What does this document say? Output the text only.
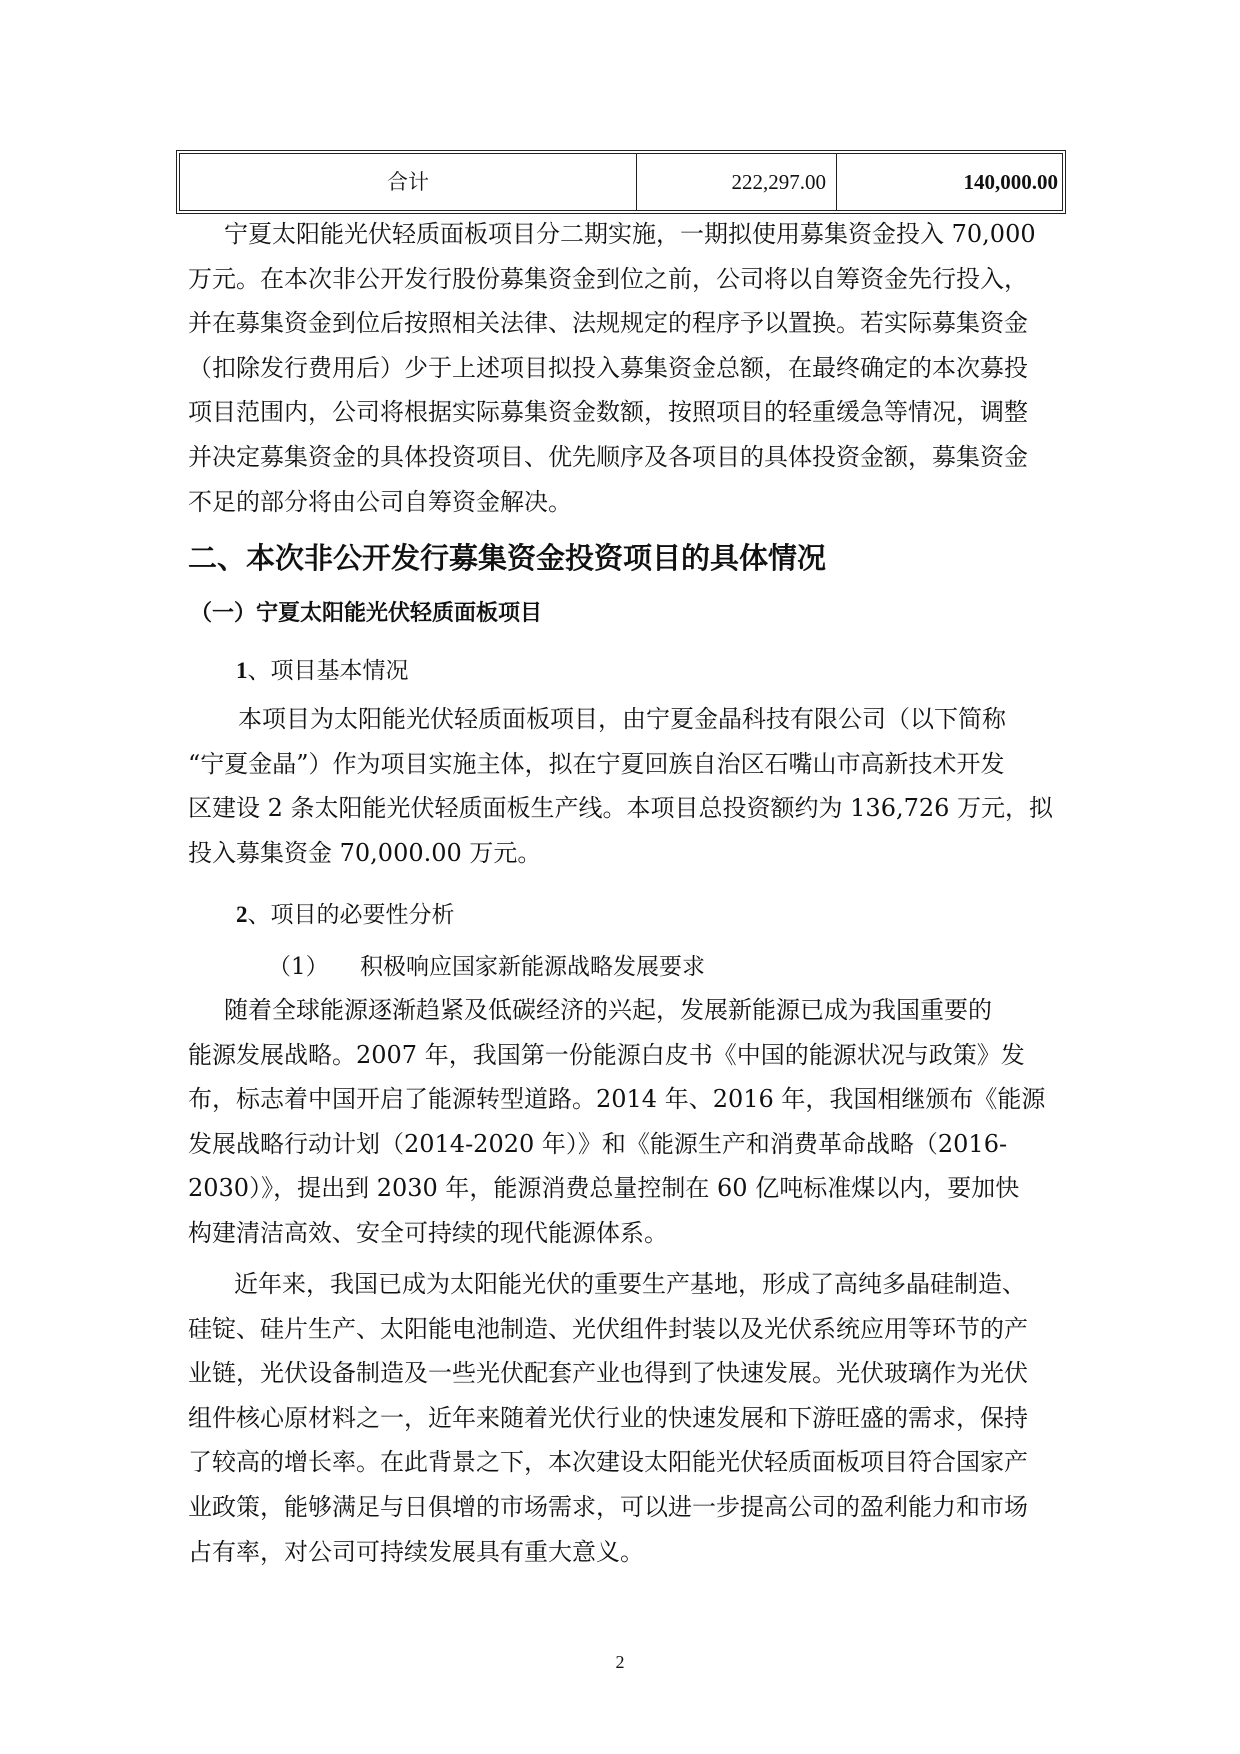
合计	222,297.00	140,000.00
宁夏太阳能光伏轻质面板项目分二期实施，一期拟使用募集资金投入 70,000
万元。在本次非公开发行股份募集资金到位之前，公司将以自筹资金先行投入，
并在募集资金到位后按照相关法律、法规规定的程序予以置换。若实际募集资金
（扣除发行费用后）少于上述项目拟投入募集资金总额，在最终确定的本次募投
项目范围内，公司将根据实际募集资金数额，按照项目的轻重缓急等情况，调整
并决定募集资金的具体投资项目、优先顺序及各项目的具体投资金额，募集资金
不足的部分将由公司自筹资金解决。
二、本次非公开发行募集资金投资项目的具体情况
（一）宁夏太阳能光伏轻质面板项目

1、项目基本情况

本项目为太阳能光伏轻质面板项目，由宁夏金晶科技有限公司（以下简称
“宁夏金晶”）作为项目实施主体，拟在宁夏回族自治区石嘴山市高新技术开发
区建设 2 条太阳能光伏轻质面板生产线。本项目总投资额约为 136,726 万元，拟
投入募集资金 70,000.00 万元。

2、项目的必要性分析

（1） 积极响应国家新能源战略发展要求
随着全球能源逐渐趋紧及低碳经济的兴起，发展新能源已成为我国重要的
能源发展战略。2007 年，我国第一份能源白皮书《中国的能源状况与政策》发
布，标志着中国开启了能源转型道路。2014 年、2016 年，我国相继颁布《能源
发展战略行动计划（2014-2020 年）》和《能源生产和消费革命战略（2016-
2030）》，提出到 2030 年，能源消费总量控制在 60 亿吨标准煤以内，要加快
构建清洁高效、安全可持续的现代能源体系。
近年来，我国已成为太阳能光伏的重要生产基地，形成了高纯多晶硅制造、
硅锭、硅片生产、太阳能电池制造、光伏组件封装以及光伏系统应用等环节的产
业链，光伏设备制造及一些光伏配套产业也得到了快速发展。光伏玻璃作为光伏
组件核心原材料之一，近年来随着光伏行业的快速发展和下游旺盛的需求，保持
了较高的增长率。在此背景之下，本次建设太阳能光伏轻质面板项目符合国家产
业政策，能够满足与日俱增的市场需求，可以进一步提高公司的盈利能力和市场
占有率，对公司可持续发展具有重大意义。
2
